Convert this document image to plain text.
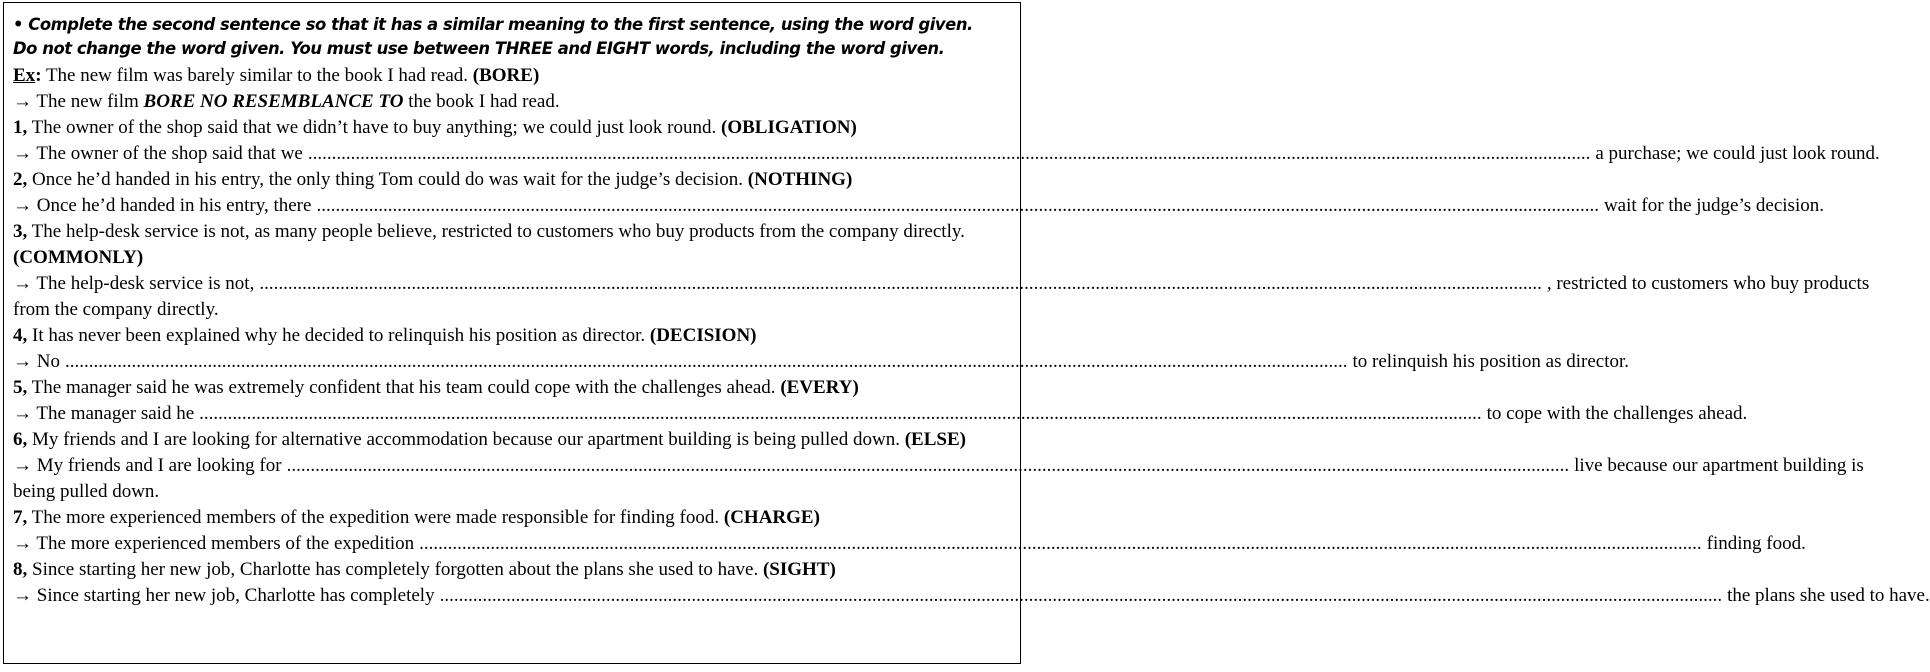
• Complete the second sentence so that it has a similar meaning to the first sentence, using the word given.
Do not change the word given. You must use between THREE and EIGHT words, including the word given.
Ex: The new film was barely similar to the book I had read. (BORE)
→ The new film BORE NO RESEMBLANCE TO the book I had read.
1, The owner of the shop said that we didn’t have to buy anything; we could just look round. (OBLIGATION)
→ The owner of the shop said that we .............................................................................................................................................................................................................................................................................. a purchase; we could just look round.
2, Once he’d handed in his entry, the only thing Tom could do was wait for the judge’s decision. (NOTHING)
→ Once he’d handed in his entry, there .............................................................................................................................................................................................................................................................................. wait for the judge’s decision.
3, The help-desk service is not, as many people believe, restricted to customers who buy products from the company directly. (COMMONLY)
→ The help-desk service is not, .............................................................................................................................................................................................................................................................................. , restricted to customers who buy products
from the company directly.
4, It has never been explained why he decided to relinquish his position as director. (DECISION)
→ No .............................................................................................................................................................................................................................................................................. to relinquish his position as director.
5, The manager said he was extremely confident that his team could cope with the challenges ahead. (EVERY)
→ The manager said he .............................................................................................................................................................................................................................................................................. to cope with the challenges ahead.
6, My friends and I are looking for alternative accommodation because our apartment building is being pulled down. (ELSE)
→ My friends and I are looking for .............................................................................................................................................................................................................................................................................. live because our apartment building is
being pulled down.
7, The more experienced members of the expedition were made responsible for finding food. (CHARGE)
→ The more experienced members of the expedition .............................................................................................................................................................................................................................................................................. finding food.
8, Since starting her new job, Charlotte has completely forgotten about the plans she used to have. (SIGHT)
→ Since starting her new job, Charlotte has completely .............................................................................................................................................................................................................................................................................. the plans she used to have.
